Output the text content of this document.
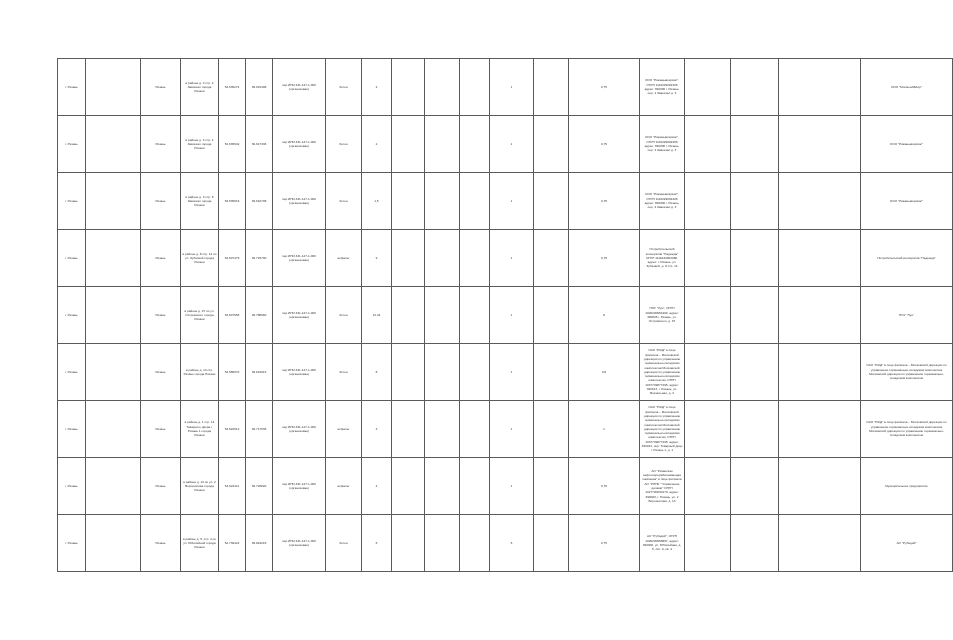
г. Рязань		Рязань	в районе д. 3 стр. 4 Завокзал города Рязани	54.635274	39.615408	пер.ИНИ.331-127-1-000 (организован)	бетон	2				1		0,75	ООО "Ряжанывсервис", ОГРН 1116229002406 адрес: 390000 г. Рязань, пер. 4 Завокзал д. 3				ООО "МосмонАБКор"
г. Рязань		Рязань	в районе д. 3 стр. 4 Завокзал города Рязани	54.635642	39.617336	пер.ИНИ.331-127-1-000 (организован)	бетон	2				1		0,75	ООО "Ряжанывсервис", ОГРН 1116229002406 адрес: 390000 г. Рязань, пер. 4 Завокзал д. 3				ООО "Ряжанывсервис"
г. Рязань		Рязань	в районе д. 3 стр. 8 Завокзал города Рязани	54.635616	39.616708	пер.ИНИ.331-127-1-000 (организован)	бетон	1,5				1		0,75	ООО "Ряжанывсервис", ОГРН 1116229002406 адрес: 390000 г. Рязань, пер. 4 Завокзал д. 3				ООО "Ряжанывсервис"
г. Рязань		Рязань	в районе д. 8 стр. 14 по ул. Зубковой города Рязани	54.607479	39.716790	пер.ИНИ.331-127-1-000 (организован)	асфальт	9				1		0,75	Потребительский кооператив "Надежда" ОГРН 1116234002080, адрес: г. Рязань, ул. Зубковой, д. 8 стр. 14				Потребительский кооператив "Надежда"
г. Рязань		Рязань	в районе д. 97 по ул. Островского города Рязани	54.607956	39.788960	пер.ИНИ.331-127-1-000 (организован)	бетон	12,44				1		8	ПОУ "Лун", ОГРН 1026200954460, адрес: 390026 г. Рязань, ул. Островского, д. 97				ПОУ "Лун"
г. Рязань		Рязань	в районе д. 13 стр. Рязань города Рязани	54.586670	39.619015	пер.ИНИ.331-127-1-000 (организован)	бетон	8				1		0,8	ОАО "РЖД" в лице филиала – Московской дирекции по управлению терминально-складским комплексом Московской дирекции по управлению терминально-складским комплексом, ОГРН 1037739877295, адрес: 390013, г. Рязань, ул. Вокзальная, д. 3				ОАО "РЖД" в лице филиала – Московской дирекции по управлению терминально-складским комплексом Московской дирекции по управлению терминально-складским комплексом
г. Рязань		Рязань	в районе д. 1 стр. 14 Товарного двора г. Рязань 1 города Рязани	54.622512	39.717536	пер.ИНИ.331-127-1-000 (организован)	асфальт	3				1		1	ОАО "РЖД" в лице филиала – Московской дирекции по управлению терминально-складским комплексом Московской дирекции по управлению терминально-складским комплексом, ОГРН 1037739877295, адрес: 390013, пер. Товарный двор г. Рязань 1, д. 1				ОАО "РЖД" в лице филиала – Московской дирекции по управлению терминально-складским комплексом Московской дирекции по управлению терминально-складским комплексом
г. Рязань		Рязань	в районе д. 13 по ул. 2 Ворошилова города Рязани	54.624411	39.720820	пер.ИНИ.331-127-1-000 (организован)	асфальт	4				1		0,75	АО "Рязанская нефтеперерабатывающая компания" в лице филиала АО "РНПК" "Управление делами" ОГРН 1027700030170, адрес: 390000, г. Рязань, ул. 2 Ворошилова, д. 13				Муниципальное предприятие
г. Рязань		Рязань	в районе д. 5, стр. 4 по ул. Юбилейной города Рязани	54.739422	39.824218	пер.ИНИ.331-127-1-000 (организован)	бетон	6				6		0,75	АО "Рубидий", ОГРН 1026200958897, адрес: 390000, ул. Юбилейная, д. 5, лит. А, кв. 4				АО "Рубидий"
